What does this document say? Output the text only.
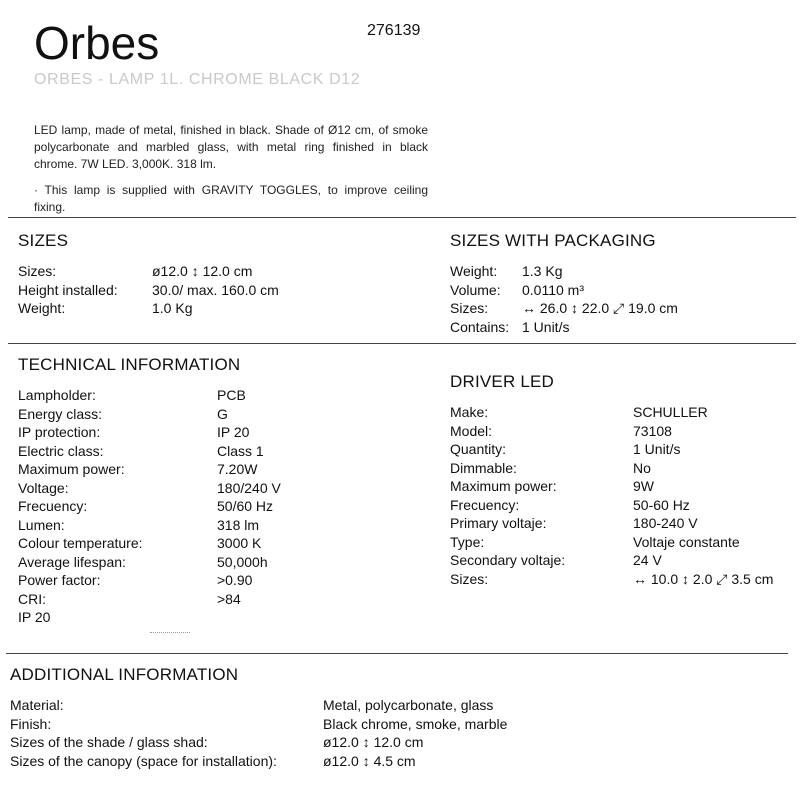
Orbes	276139
ORBES - LAMP 1L. CHROME BLACK D12

LED lamp, made of metal, finished in black. Shade of Ø12 cm, of smoke polycarbonate and marbled glass, with metal ring finished in black chrome. 7W LED. 3,000K. 318 lm.

· This lamp is supplied with GRAVITY TOGGLES, to improve ceiling fixing.

SIZES
Sizes:	ø12.0 ↕ 12.0 cm
Height installed: 30.0/ max. 160.0 cm
Weight:	1.0 Kg
SIZES WITH PACKAGING
Weight: 1.3 Kg
Volume: 0.0110 m³
Sizes: ↔ 26.0 ↕ 22.0 ⤢ 19.0 cm
Contains: 1 Unit/s
TECHNICAL INFORMATION
Lampholder:	PCB
Energy class:	G
IP protection:	IP 20
Electric class:	Class 1
Maximum power:	7.20W
Voltage:	180/240 V
Frecuency:	50/60 Hz
Lumen:	318 lm
Colour temperature:	3000 K
Average lifespan:	50,000h
Power factor:	>0.90
CRI:	>84
IP 20
DRIVER LED
Make:	SCHULLER
Model:	73108
Quantity:	1 Unit/s
Dimmable:	No
Maximum power:	9W
Frecuency:	50-60 Hz
Primary voltaje:	180-240 V
Type:	Voltaje constante
Secondary voltaje:	24 V
Sizes:	↔ 10.0 ↕ 2.0 ⤢ 3.5 cm
ADDITIONAL INFORMATION
Material:	Metal, polycarbonate, glass
Finish:	Black chrome, smoke, marble
Sizes of the shade / glass shad:	ø12.0 ↕ 12.0 cm
Sizes of the canopy (space for installation):	ø12.0 ↕ 4.5 cm
